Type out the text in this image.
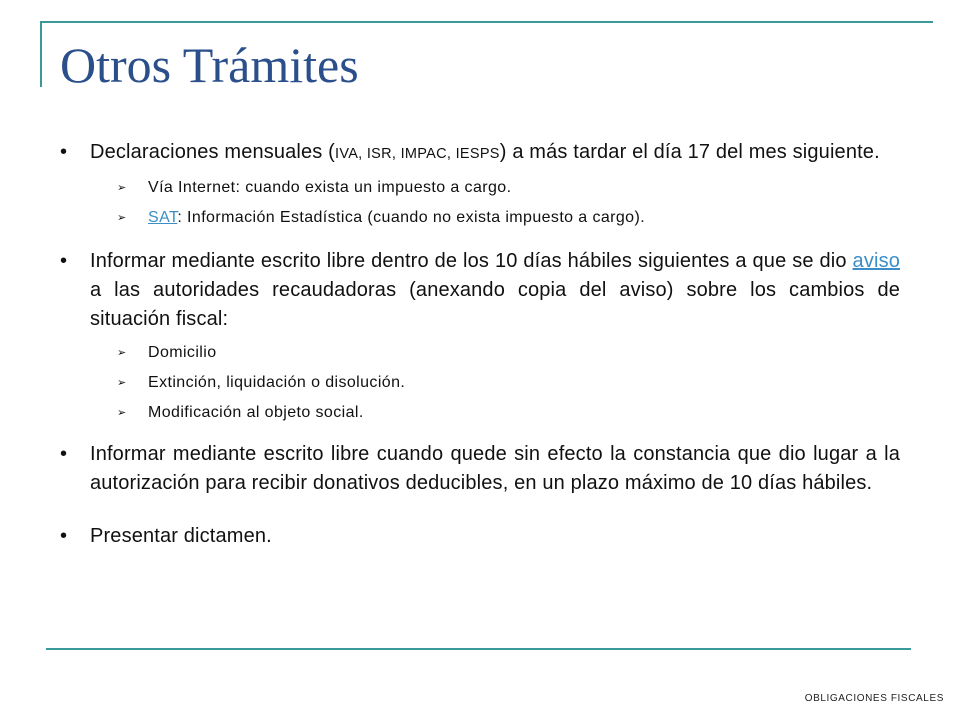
Otros Trámites
• Declaraciones mensuales (IVA, ISR, IMPAC, IESPS) a más tardar el día 17 del mes siguiente.
➢ Vía Internet: cuando exista un impuesto a cargo.
➢ SAT: Información Estadística (cuando no exista impuesto a cargo).
• Informar mediante escrito libre dentro de los 10 días hábiles siguientes a que se dio aviso a las autoridades recaudadoras (anexando copia del aviso) sobre los cambios de situación fiscal:
➢ Domicilio
➢ Extinción, liquidación o disolución.
➢ Modificación al objeto social.
• Informar mediante escrito libre cuando quede sin efecto la constancia que dio lugar a la autorización para recibir donativos deducibles, en un plazo máximo de 10 días hábiles.
• Presentar dictamen.
OBLIGACIONES FISCALES
